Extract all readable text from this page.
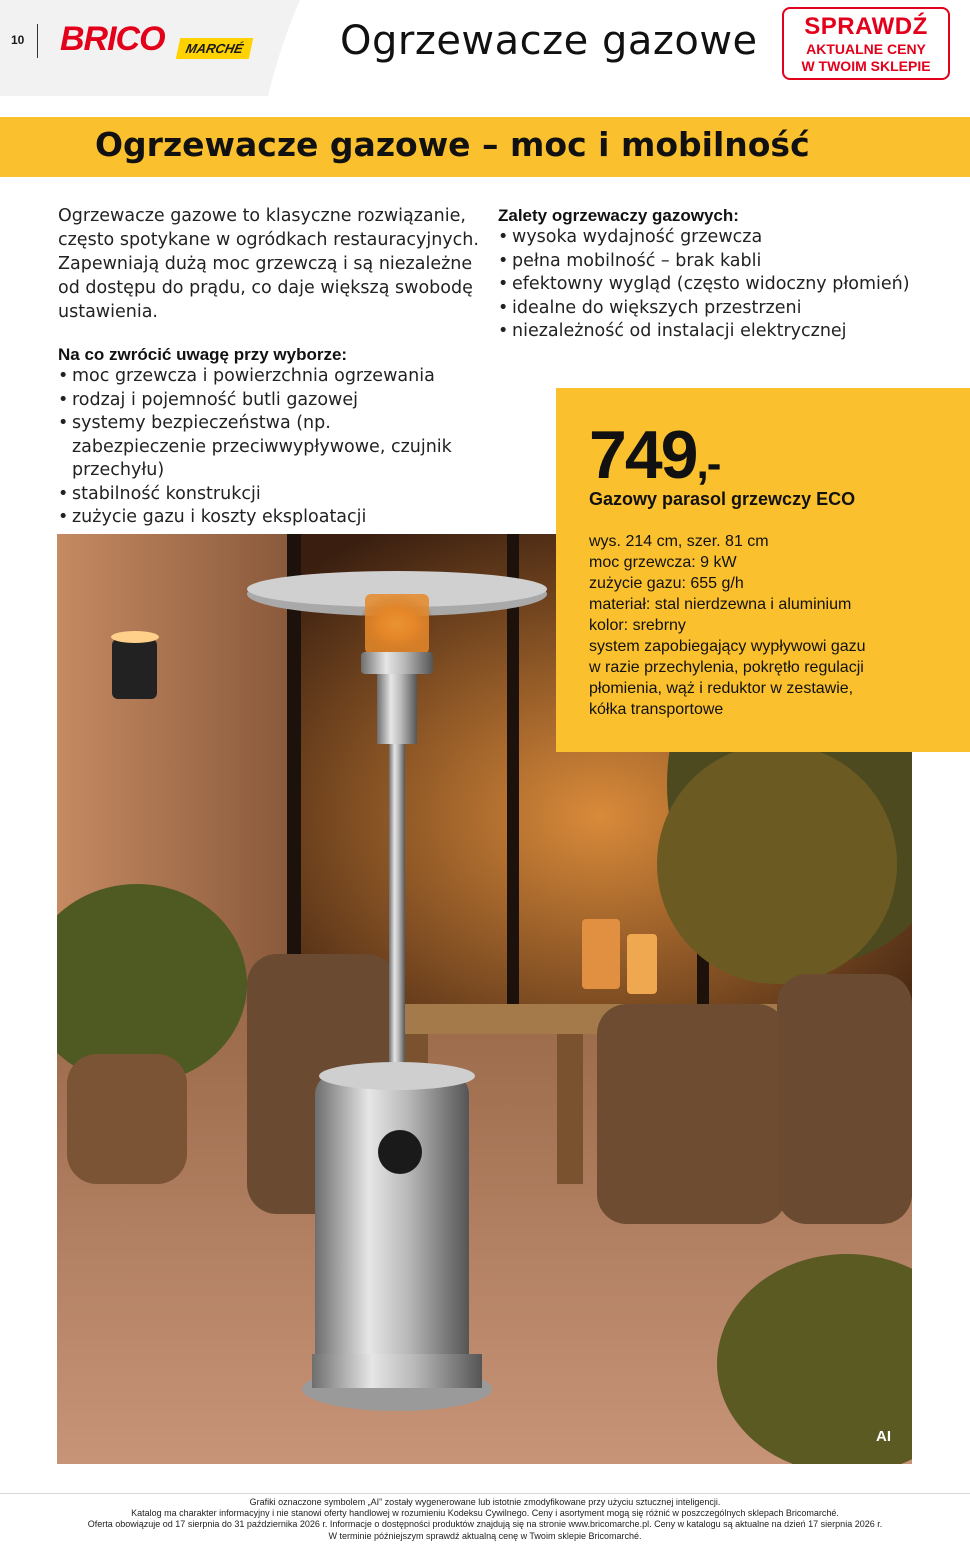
10 BRICO	MARCHÉ Ogrzewacze gazowe	SPRAWDŹ
AKTUALNE CENY
W TWOIM SKLEPIE
Ogrzewacze gazowe – moc i mobilność
Ogrzewacze gazowe to klasyczne rozwiązanie,
często spotykane w ogródkach restauracyjnych.
Zapewniają dużą moc grzewczą i są niezależne
od dostępu do prądu, co daje większą swobodę
ustawienia.
Na co zwrócić uwagę przy wyborze:
• moc grzewcza i powierzchnia ogrzewania
• rodzaj i pojemność butli gazowej
• systemy bezpieczeństwa (np. zabezpieczenie przeciwwypływowe, czujnik przechyłu)
• stabilność konstrukcji
• zużycie gazu i koszty eksploatacji
Zalety ogrzewaczy gazowych:
• wysoka wydajność grzewcza
• pełna mobilność – brak kabli
• efektowny wygląd (często widoczny płomień)
• idealne do większych przestrzeni
• niezależność od instalacji elektrycznej
AI
749,-
Gazowy parasol grzewczy ECO
wys. 214 cm, szer. 81 cm
moc grzewcza: 9 kW
zużycie gazu: 655 g/h
materiał: stal nierdzewna i aluminium
kolor: srebrny
system zapobiegający wypływowi gazu
w razie przechylenia, pokrętło regulacji
płomienia, wąż i reduktor w zestawie,
kółka transportowe
Grafiki oznaczone symbolem „AI” zostały wygenerowane lub istotnie zmodyfikowane przy użyciu sztucznej inteligencji.
Katalog ma charakter informacyjny i nie stanowi oferty handlowej w rozumieniu Kodeksu Cywilnego. Ceny i asortyment mogą się różnić w poszczególnych sklepach Bricomarché.
Oferta obowiązuje od 17 sierpnia do 31 października 2026 r. Informacje o dostępności produktów znajdują się na stronie www.bricomarche.pl. Ceny w katalogu są aktualne na dzień 17 sierpnia 2026 r.
W terminie późniejszym sprawdź aktualną cenę w Twoim sklepie Bricomarché.
